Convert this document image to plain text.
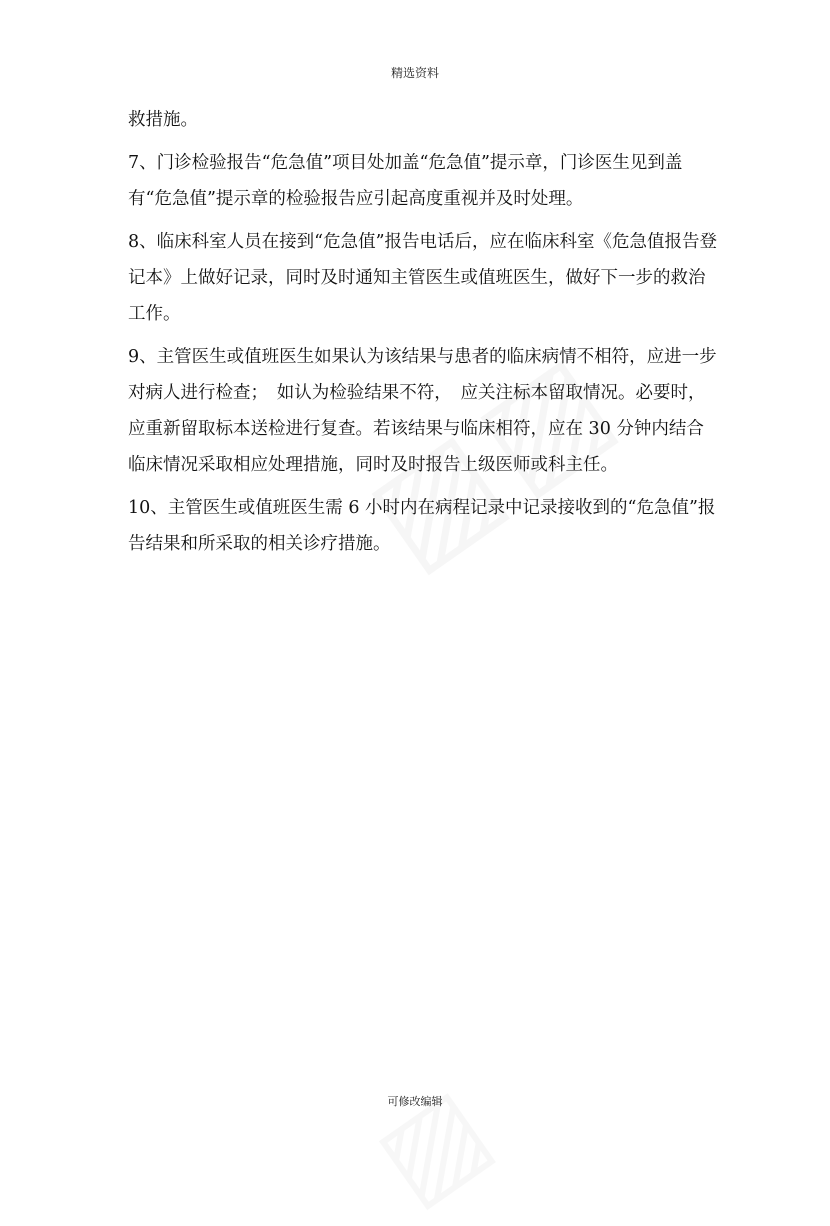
精选资料

救措施。

7、门诊检验报告“危急值”项目处加盖“危急值”提示章，门诊医生见到盖有“危急值”提示章的检验报告应引起高度重视并及时处理。

8、临床科室人员在接到“危急值”报告电话后，应在临床科室《危急值报告登记本》上做好记录，同时及时通知主管医生或值班医生，做好下一步的救治工作。

9、主管医生或值班医生如果认为该结果与患者的临床病情不相符，应进一步对病人进行检查；　如认为检验结果不符，　应关注标本留取情况。必要时，应重新留取标本送检进行复查。若该结果与临床相符，应在 30 分钟内结合临床情况采取相应处理措施，同时及时报告上级医师或科主任。

10、主管医生或值班医生需 6 小时内在病程记录中记录接收到的“危急值”报告结果和所采取的相关诊疗措施。

可修改编辑
